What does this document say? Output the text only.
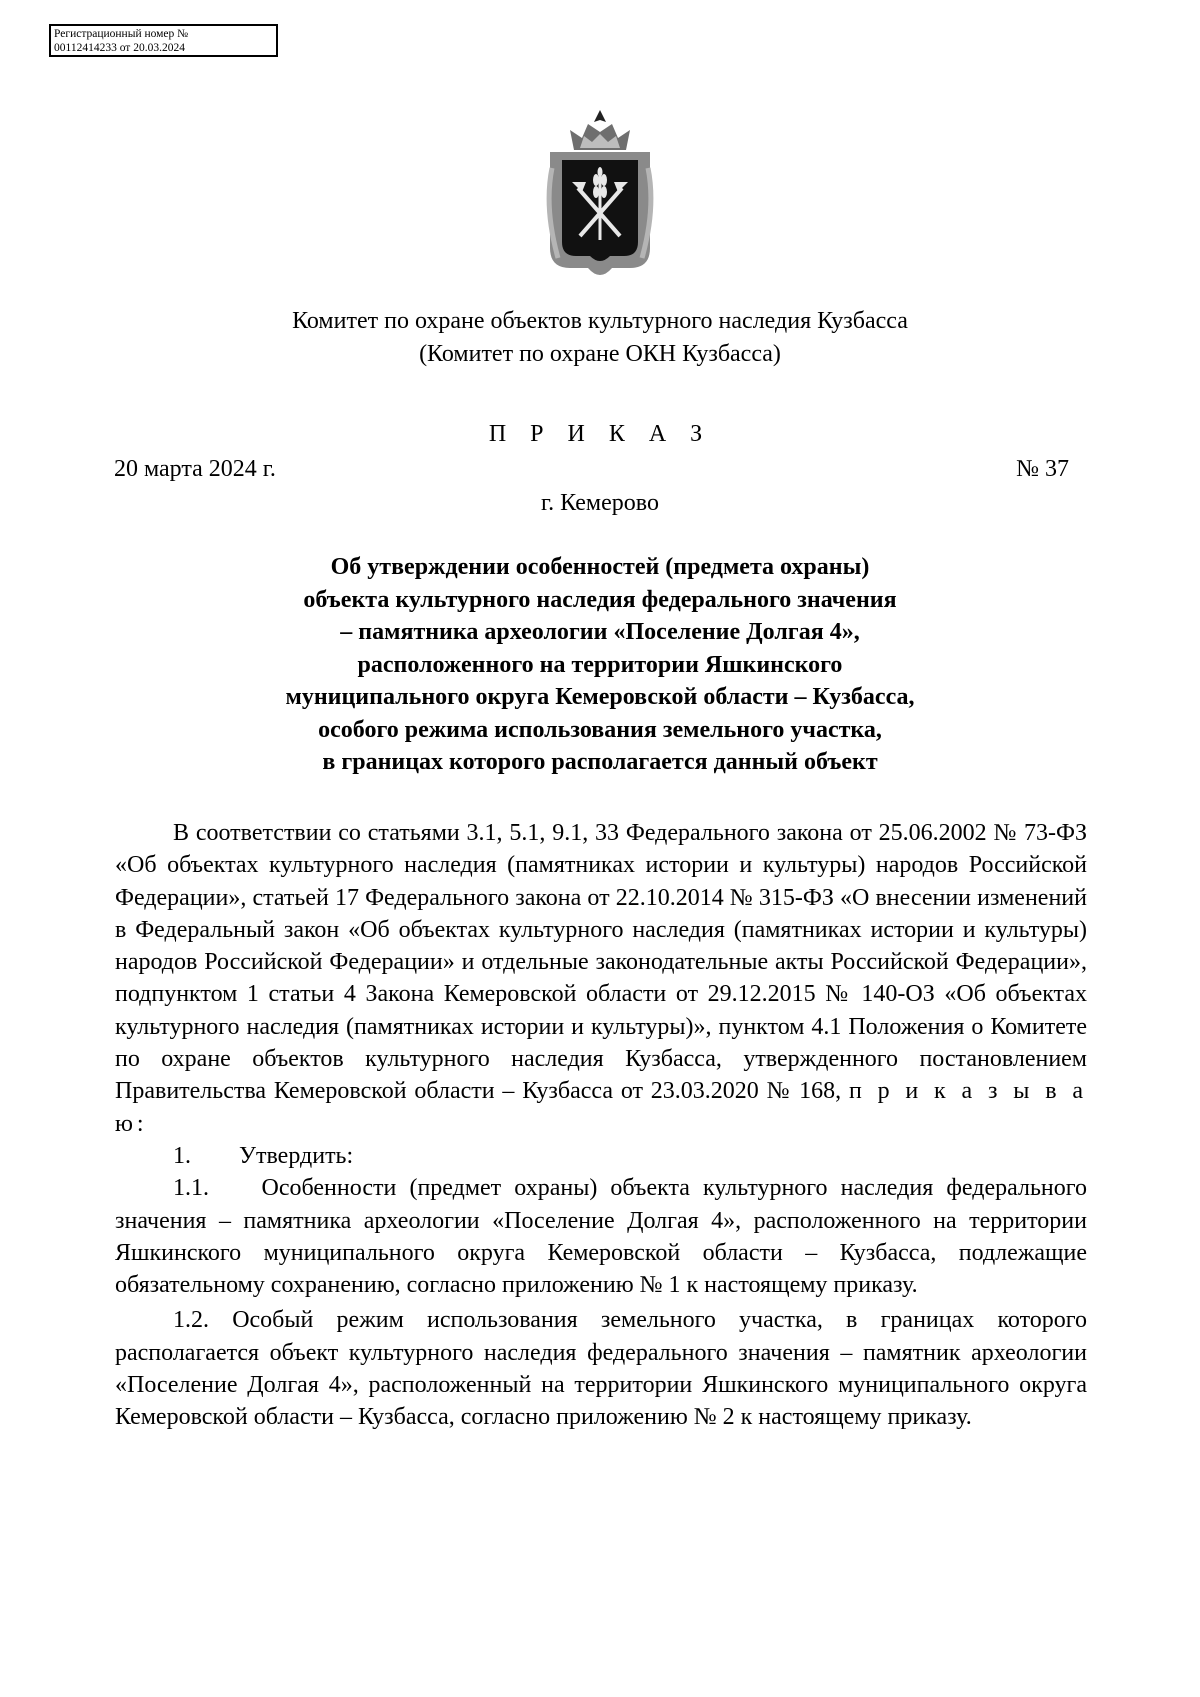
Регистрационный номер №
00112414233 от 20.03.2024
Комитет по охране объектов культурного наследия Кузбасса
(Комитет по охране ОКН Кузбасса)
П Р И К А З
20 марта 2024 г.	№ 37
г. Кемерово
Об утверждении особенностей (предмета охраны)
объекта культурного наследия федерального значения
– памятника археологии «Поселение Долгая 4»,
расположенного на территории Яшкинского
муниципального округа Кемеровской области – Кузбасса,
особого режима использования земельного участка,
в границах которого располагается данный объект

В соответствии со статьями 3.1, 5.1, 9.1, 33 Федерального закона от 25.06.2002 № 73-ФЗ «Об объектах культурного наследия (памятниках истории и культуры) народов Российской Федерации», статьей 17 Федерального закона от 22.10.2014 № 315-ФЗ «О внесении изменений в Федеральный закон «Об объектах культурного наследия (памятниках истории и культуры) народов Российской Федерации» и отдельные законодательные акты Российской Федерации», подпунктом 1 статьи 4 Закона Кемеровской области от 29.12.2015 № 140-ОЗ «Об объектах культурного наследия (памятниках истории и культуры)», пунктом 4.1 Положения о Комитете по охране объектов культурного наследия Кузбасса, утвержденного постановлением Правительства Кемеровской области – Кузбасса от 23.03.2020 № 168, п р и к а з ы в а ю:

1.        Утвердить:

1.1.    Особенности (предмет охраны) объекта культурного наследия федерального значения – памятника археологии «Поселение Долгая 4», расположенного на территории Яшкинского муниципального округа Кемеровской области – Кузбасса, подлежащие обязательному сохранению, согласно приложению № 1 к настоящему приказу.

1.2. Особый режим использования земельного участка, в границах которого располагается объект культурного наследия федерального значения – памятник археологии «Поселение Долгая 4», расположенный на территории Яшкинского муниципального округа Кемеровской области – Кузбасса, согласно приложению № 2 к настоящему приказу.
